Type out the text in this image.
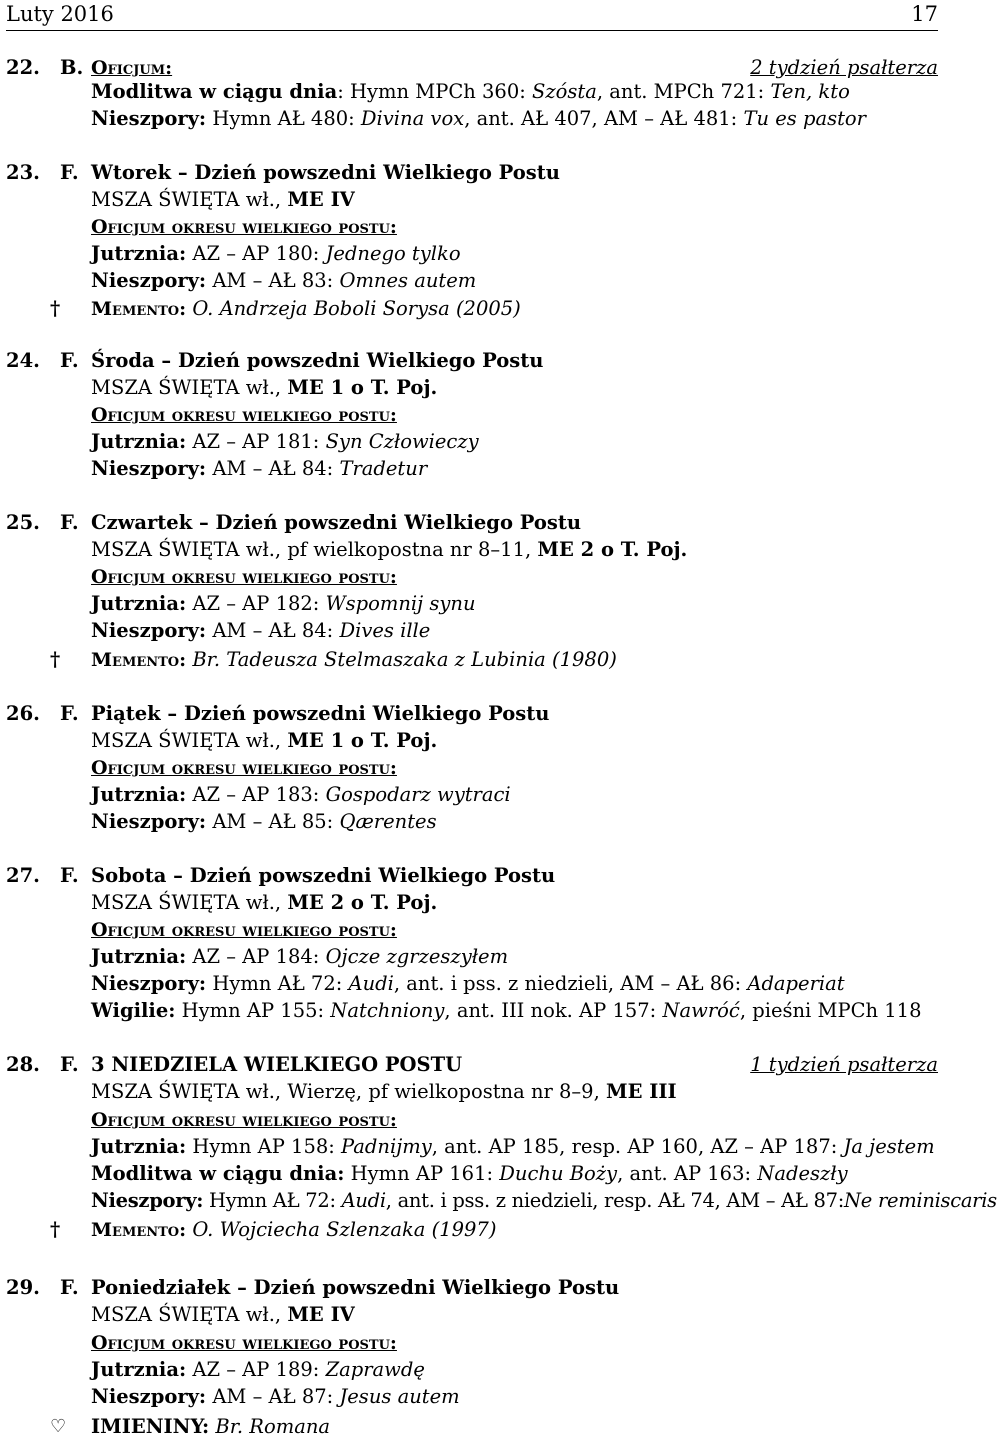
Luty 2016	17
22. B. Oficjum:	2 tydzień psałterza
Modlitwa w ciągu dnia: Hymn MPCh 360: Szósta, ant. MPCh 721: Ten, kto
Nieszpory: Hymn AŁ 480: Divina vox, ant. AŁ 407, AM – AŁ 481: Tu es pastor
23. F. Wtorek – Dzień powszedni Wielkiego Postu
MSZA ŚWIĘTA wł., ME IV
Oficjum okresu wielkiego postu:
Jutrznia: AZ – AP 180: Jednego tylko
Nieszpory: AM – AŁ 83: Omnes autem
† Memento: O. Andrzeja Boboli Sorysa (2005)
24. F. Środa – Dzień powszedni Wielkiego Postu
MSZA ŚWIĘTA wł., ME 1 o T. Poj.
Oficjum okresu wielkiego postu:
Jutrznia: AZ – AP 181: Syn Człowieczy
Nieszpory: AM – AŁ 84: Tradetur
25. F. Czwartek – Dzień powszedni Wielkiego Postu
MSZA ŚWIĘTA wł., pf wielkopostna nr 8–11, ME 2 o T. Poj.
Oficjum okresu wielkiego postu:
Jutrznia: AZ – AP 182: Wspomnij synu
Nieszpory: AM – AŁ 84: Dives ille
† Memento: Br. Tadeusza Stelmaszaka z Lubinia (1980)
26. F. Piątek – Dzień powszedni Wielkiego Postu
MSZA ŚWIĘTA wł., ME 1 o T. Poj.
Oficjum okresu wielkiego postu:
Jutrznia: AZ – AP 183: Gospodarz wytraci
Nieszpory: AM – AŁ 85: Qærentes
27. F. Sobota – Dzień powszedni Wielkiego Postu
MSZA ŚWIĘTA wł., ME 2 o T. Poj.
Oficjum okresu wielkiego postu:
Jutrznia: AZ – AP 184: Ojcze zgrzeszyłem
Nieszpory: Hymn AŁ 72: Audi, ant. i pss. z niedzieli, AM – AŁ 86: Adaperiat
Wigilie: Hymn AP 155: Natchniony, ant. III nok. AP 157: Nawróć, pieśni MPCh 118
28. F. 3 NIEDZIELA WIELKIEGO POSTU	1 tydzień psałterza
MSZA ŚWIĘTA wł., Wierzę, pf wielkopostna nr 8–9, ME III
Oficjum okresu wielkiego postu:
Jutrznia: Hymn AP 158: Padnijmy, ant. AP 185, resp. AP 160, AZ – AP 187: Ja jestem
Modlitwa w ciągu dnia: Hymn AP 161: Duchu Boży, ant. AP 163: Nadeszły
Nieszpory: Hymn AŁ 72: Audi, ant. i pss. z niedzieli, resp. AŁ 74, AM – AŁ 87:Ne reminiscaris
† Memento: O. Wojciecha Szlenzaka (1997)
29. F. Poniedziałek – Dzień powszedni Wielkiego Postu
MSZA ŚWIĘTA wł., ME IV
Oficjum okresu wielkiego postu:
Jutrznia: AZ – AP 189: Zaprawdę
Nieszpory: AM – AŁ 87: Jesus autem
♡ IMIENINY: Br. Romana
